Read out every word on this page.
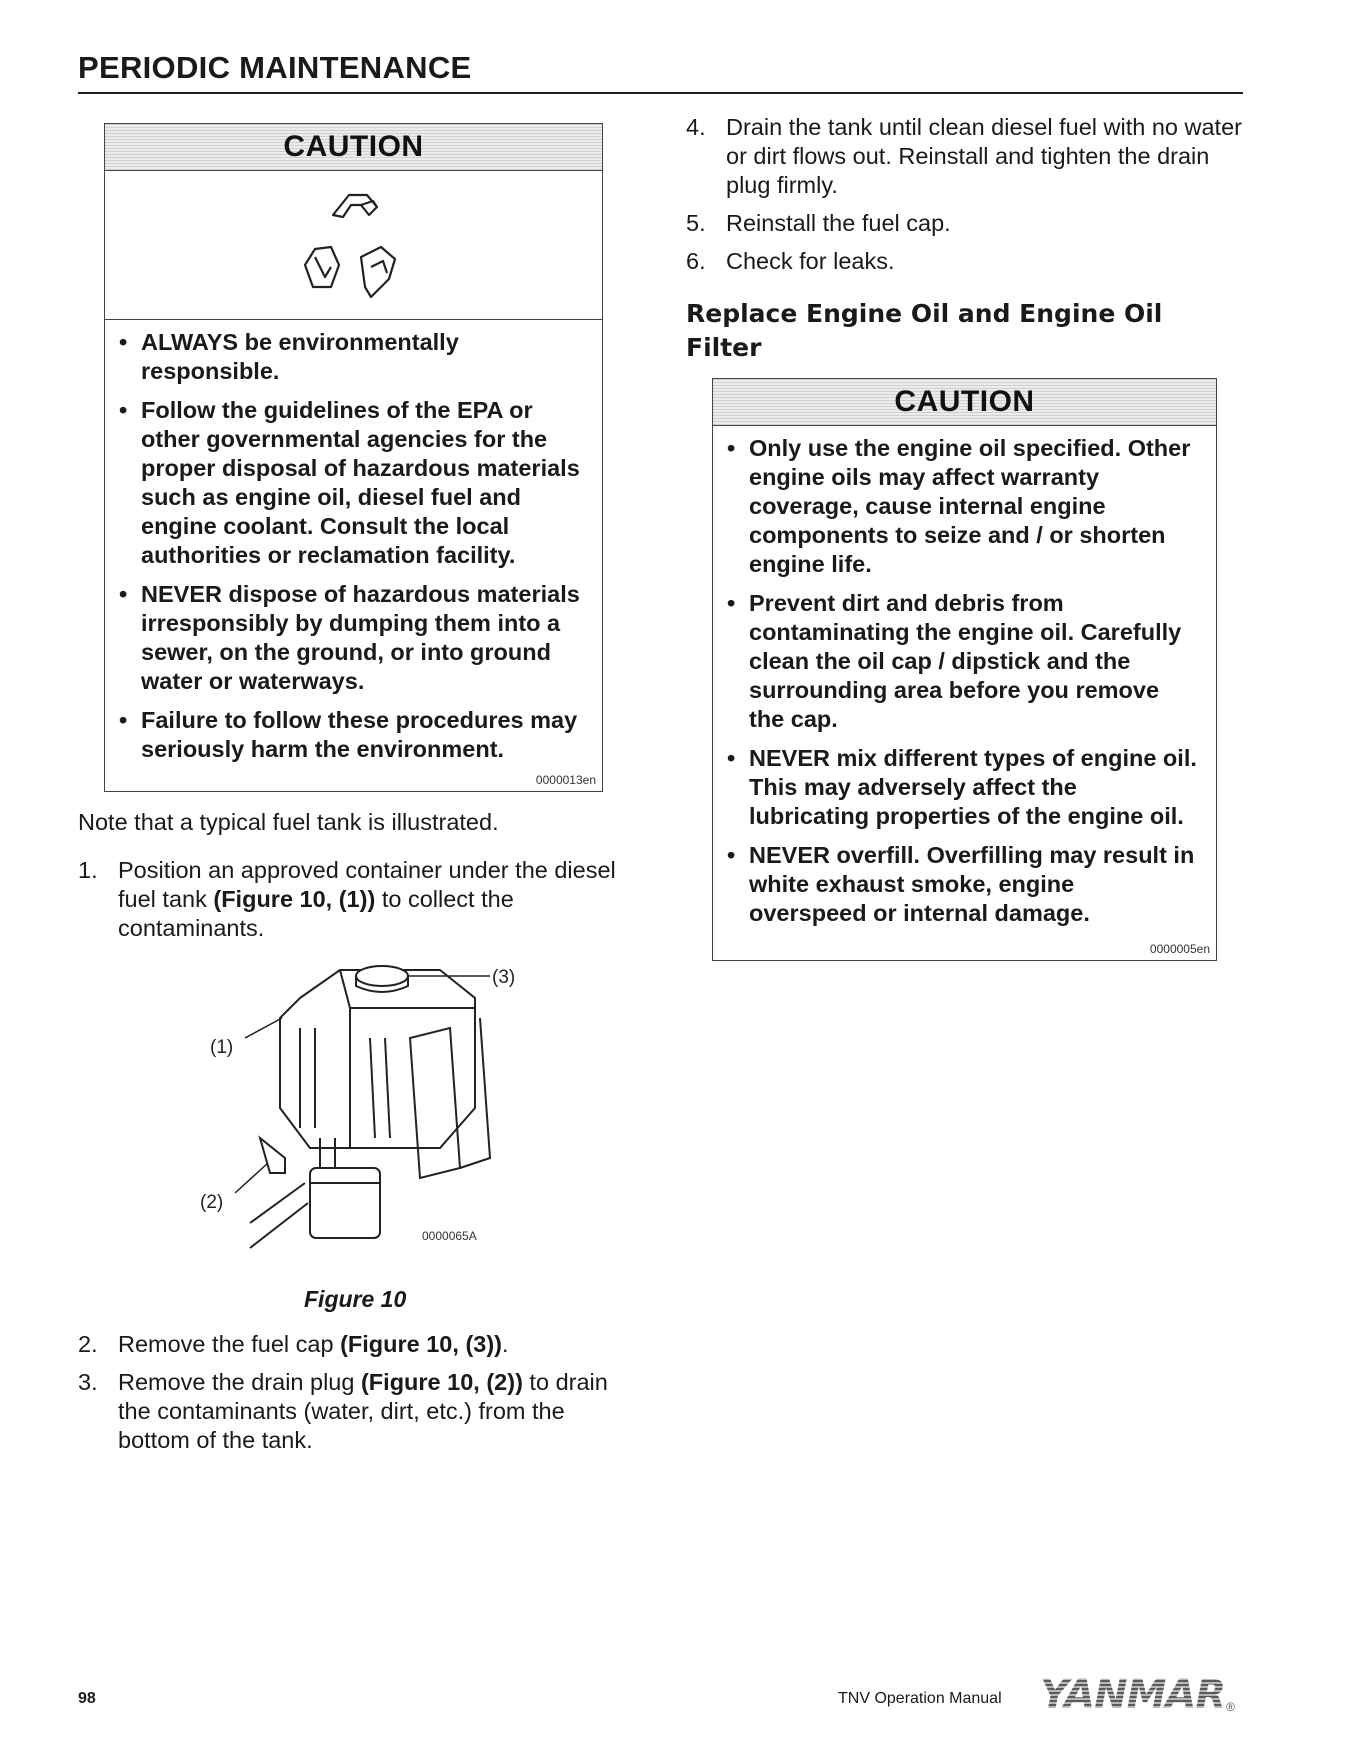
PERIODIC MAINTENANCE
CAUTION
• ALWAYS be environmentally responsible.
• Follow the guidelines of the EPA or other governmental agencies for the proper disposal of hazardous materials such as engine oil, diesel fuel and engine coolant. Consult the local authorities or reclamation facility.
• NEVER dispose of hazardous materials irresponsibly by dumping them into a sewer, on the ground, or into ground water or waterways.
• Failure to follow these procedures may seriously harm the environment.
0000013en
Note that a typical fuel tank is illustrated.
1. Position an approved container under the diesel fuel tank (Figure 10, (1)) to collect the contaminants.
(3)
(1)
(2)
0000065A
Figure 10
2. Remove the fuel cap (Figure 10, (3)).
3. Remove the drain plug (Figure 10, (2)) to drain the contaminants (water, dirt, etc.) from the bottom of the tank.
4. Drain the tank until clean diesel fuel with no water or dirt flows out. Reinstall and tighten the drain plug firmly.
5. Reinstall the fuel cap.
6. Check for leaks.
Replace Engine Oil and Engine Oil Filter
CAUTION
• Only use the engine oil specified. Other engine oils may affect warranty coverage, cause internal engine components to seize and / or shorten engine life.
• Prevent dirt and debris from contaminating the engine oil. Carefully clean the oil cap / dipstick and the surrounding area before you remove the cap.
• NEVER mix different types of engine oil. This may adversely affect the lubricating properties of the engine oil.
• NEVER overfill. Overfilling may result in white exhaust smoke, engine overspeed or internal damage.
0000005en
98	TNV Operation Manual YANMAR ®
